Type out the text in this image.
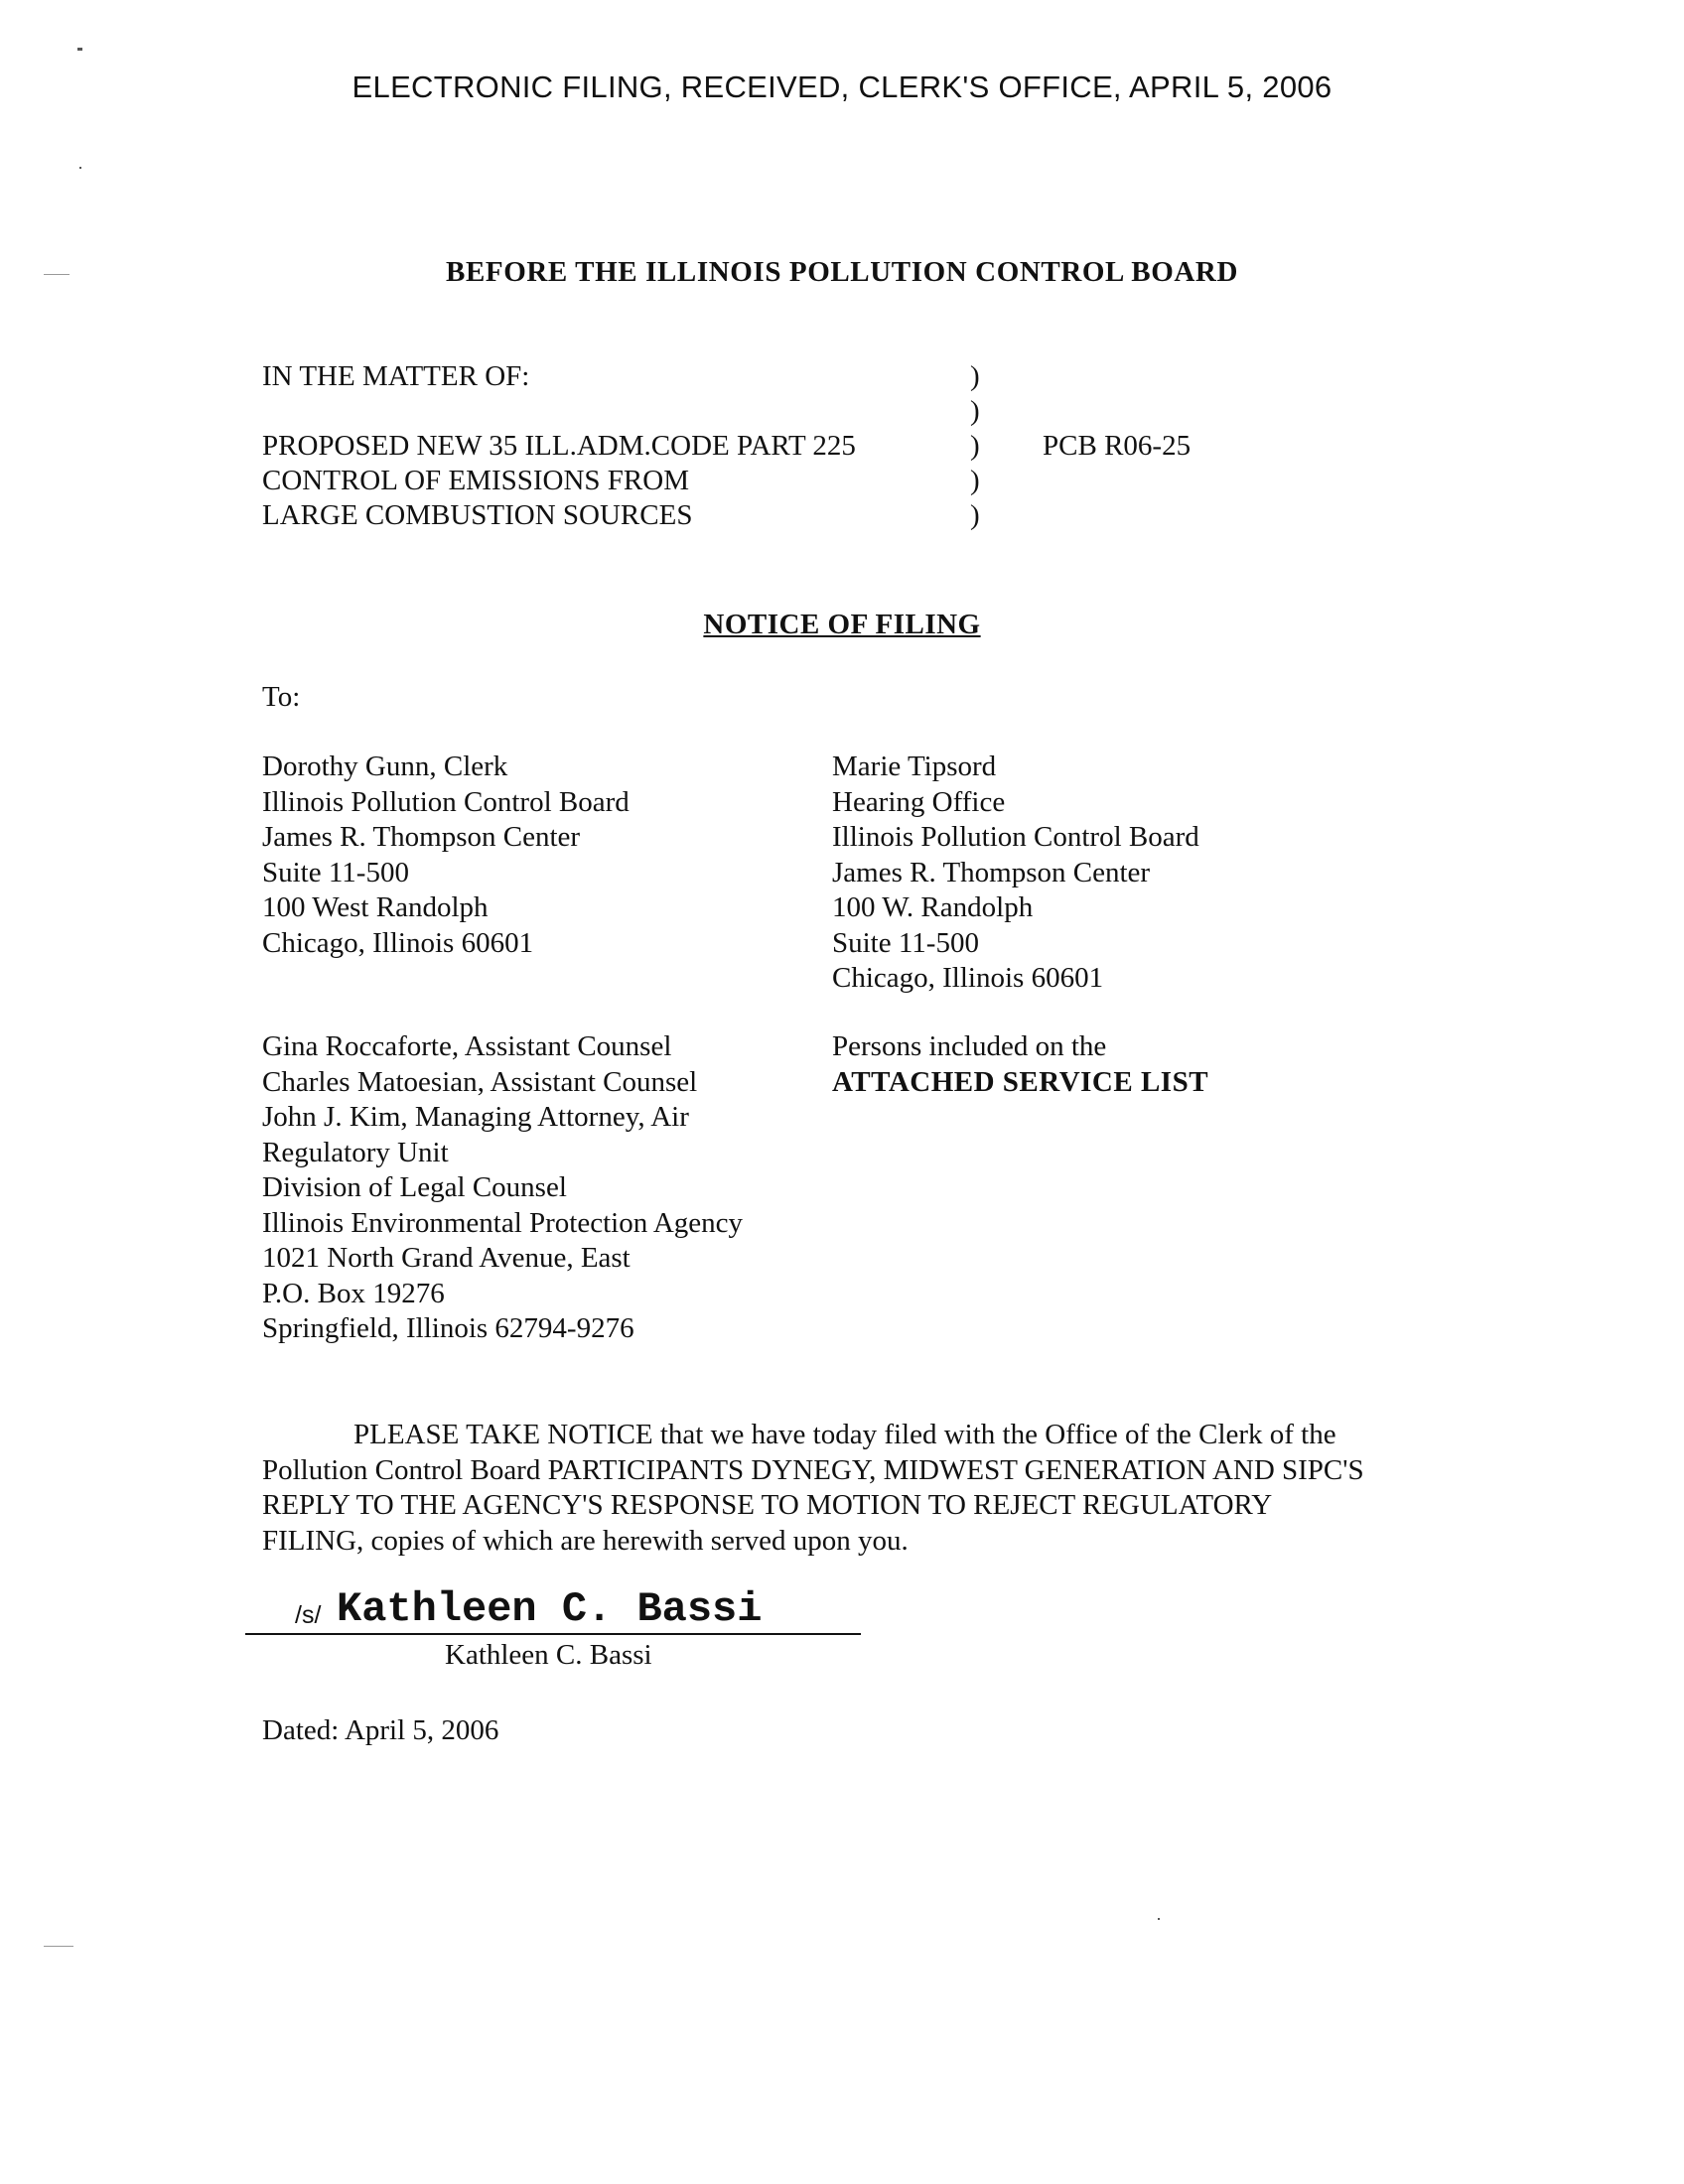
ELECTRONIC FILING, RECEIVED, CLERK'S OFFICE, APRIL 5, 2006
BEFORE THE ILLINOIS POLLUTION CONTROL BOARD
IN THE MATTER OF:
PROPOSED NEW 35 ILL.ADM.CODE PART 225
CONTROL OF EMISSIONS FROM
LARGE COMBUSTION SOURCES
)
)
)
)
)
PCB R06-25
NOTICE OF FILING
To:
Dorothy Gunn, Clerk
Illinois Pollution Control Board
James R. Thompson Center
Suite 11-500
100 West Randolph
Chicago, Illinois 60601
Marie Tipsord
Hearing Office
Illinois Pollution Control Board
James R. Thompson Center
100 W. Randolph
Suite 11-500
Chicago, Illinois 60601
Gina Roccaforte, Assistant Counsel
Charles Matoesian, Assistant Counsel
John J. Kim, Managing Attorney, Air
Regulatory Unit
Division of Legal Counsel
Illinois Environmental Protection Agency
1021 North Grand Avenue, East
P.O. Box 19276
Springfield, Illinois 62794-9276
Persons included on the
ATTACHED SERVICE LIST
PLEASE TAKE NOTICE that we have today filed with the Office of the Clerk of the
Pollution Control Board PARTICIPANTS DYNEGY, MIDWEST GENERATION AND SIPC'S
REPLY TO THE AGENCY'S RESPONSE TO MOTION TO REJECT REGULATORY
FILING, copies of which are herewith served upon you.
/s/ Kathleen C. Bassi
Kathleen C. Bassi
Dated: April 5, 2006
